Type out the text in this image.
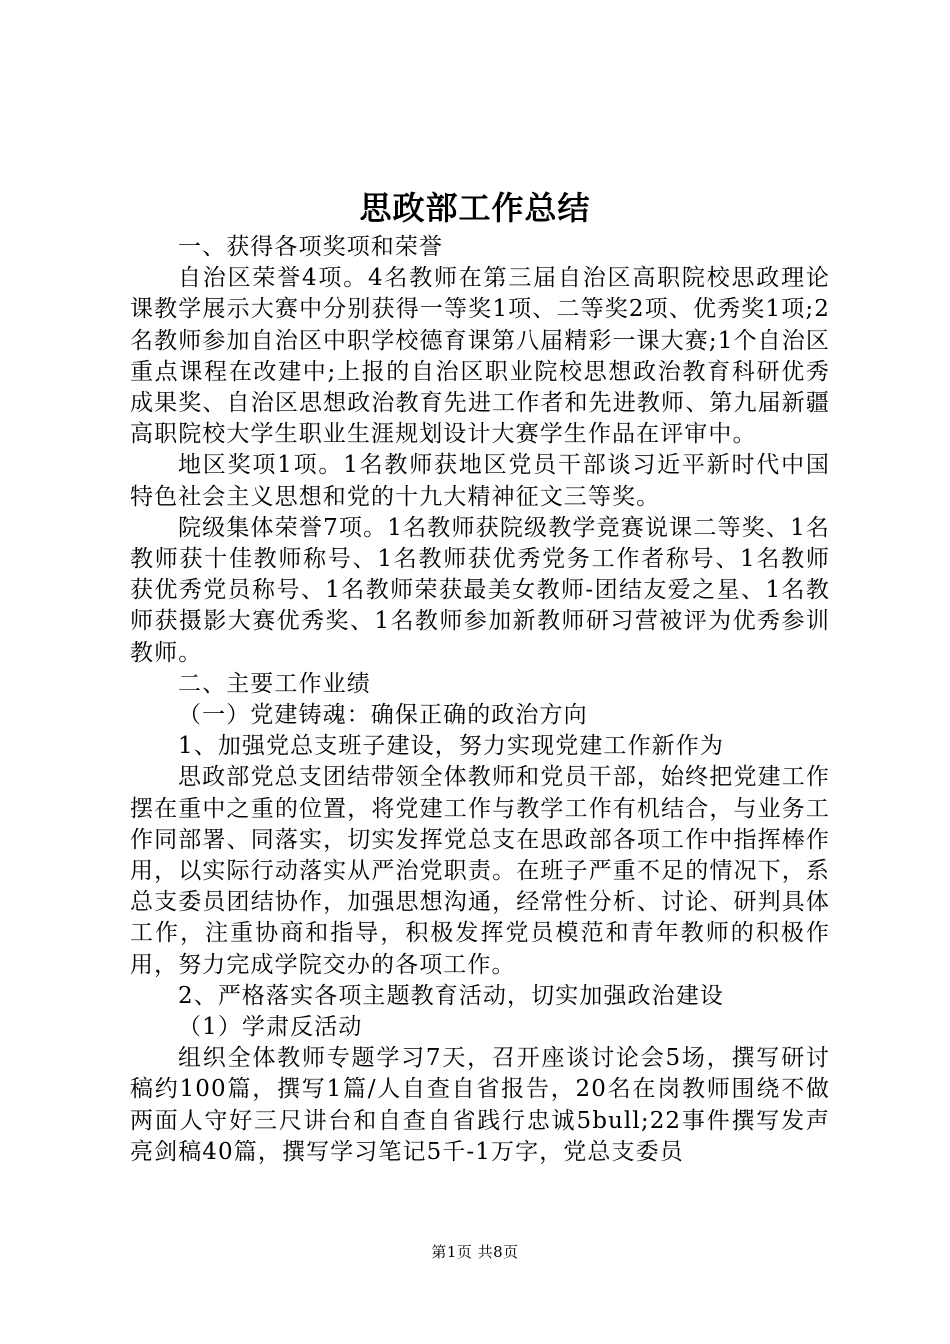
思政部工作总结

一、获得各项奖项和荣誉

自治区荣誉4项。4名教师在第三届自治区高职院校思政理论课教学展示大赛中分别获得一等奖1项、二等奖2项、优秀奖1项;2名教师参加自治区中职学校德育课第八届精彩一课大赛;1个自治区重点课程在改建中;上报的自治区职业院校思想政治教育科研优秀成果奖、自治区思想政治教育先进工作者和先进教师、第九届新疆高职院校大学生职业生涯规划设计大赛学生作品在评审中。

地区奖项1项。1名教师获地区党员干部谈习近平新时代中国特色社会主义思想和党的十九大精神征文三等奖。

院级集体荣誉7项。1名教师获院级教学竞赛说课二等奖、1名教师获十佳教师称号、1名教师获优秀党务工作者称号、1名教师获优秀党员称号、1名教师荣获最美女教师-团结友爱之星、1名教师获摄影大赛优秀奖、1名教师参加新教师研习营被评为优秀参训教师。

二、主要工作业绩

（一）党建铸魂：确保正确的政治方向

1、加强党总支班子建设，努力实现党建工作新作为

思政部党总支团结带领全体教师和党员干部，始终把党建工作摆在重中之重的位置，将党建工作与教学工作有机结合，与业务工作同部署、同落实，切实发挥党总支在思政部各项工作中指挥棒作用，以实际行动落实从严治党职责。在班子严重不足的情况下，系总支委员团结协作，加强思想沟通，经常性分析、讨论、研判具体工作，注重协商和指导，积极发挥党员模范和青年教师的积极作用，努力完成学院交办的各项工作。

2、严格落实各项主题教育活动，切实加强政治建设

（1）学肃反活动

组织全体教师专题学习7天，召开座谈讨论会5场，撰写研讨稿约100篇，撰写1篇/人自查自省报告，20名在岗教师围绕不做两面人守好三尺讲台和自查自省践行忠诚5bull;22事件撰写发声亮剑稿40篇，撰写学习笔记5千-1万字，党总支委员

第1页 共8页
